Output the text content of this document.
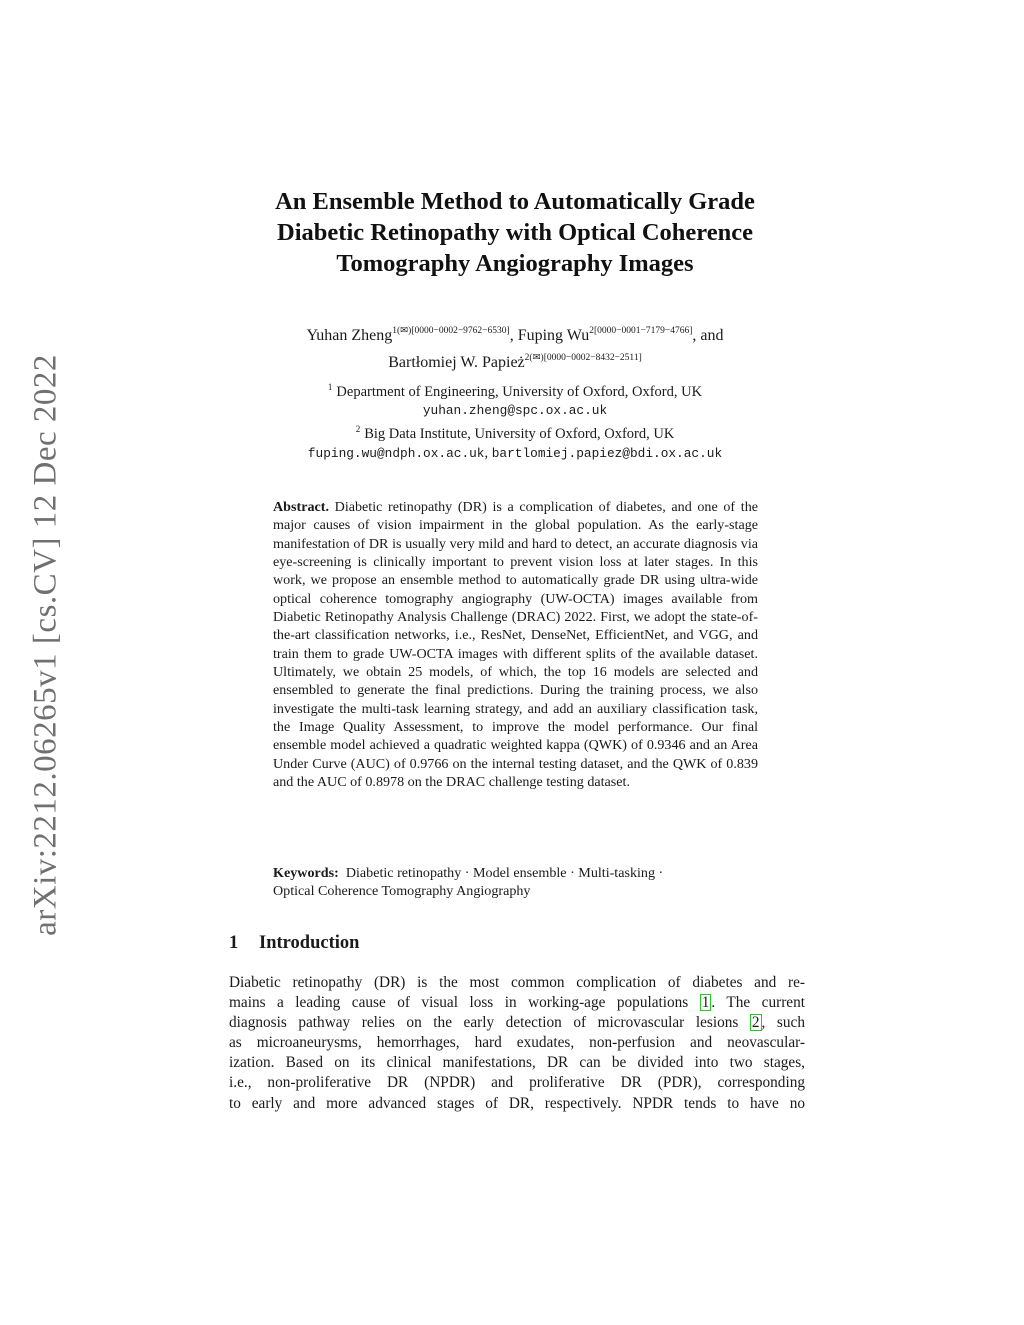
arXiv:2212.06265v1 [cs.CV] 12 Dec 2022
An Ensemble Method to Automatically Grade
Diabetic Retinopathy with Optical Coherence
Tomography Angiography Images
Yuhan Zheng$^{1(✉)[0000-0002-9762-6530]}$, Fuping $Wu^{2[0000-0001-7179-4766]}$, and
Bartłomiej W. Papież$^{2(✉)[0000-0002-8432-2511]}$
$^1$ Department of Engineering, University of Oxford, Oxford, UK
yuhan.zheng@spc.ox.ac.uk
$^2$ Big Data Institute, University of Oxford, Oxford, UK
fuping.wu@ndph.ox.ac.uk, bartlomiej.papiez@bdi.ox.ac.uk
Abstract. Diabetic retinopathy (DR) is a complication of diabetes, and one of the major causes of vision impairment in the global population. As the early-stage manifestation of DR is usually very mild and hard to detect, an accurate diagnosis via eye-screening is clinically important to prevent vision loss at later stages. In this work, we propose an ensemble method to automatically grade DR using ultra-wide optical coherence tomography angiography (UW-OCTA) images available from Diabetic Retinopathy Analysis Challenge (DRAC) 2022. First, we adopt the state-of-the-art classification networks, i.e., ResNet, DenseNet, EfficientNet, and VGG, and train them to grade UW-OCTA images with different splits of the available dataset. Ultimately, we obtain 25 models, of which, the top 16 models are selected and ensembled to generate the final predictions. During the training process, we also investigate the multi-task learning strategy, and add an auxiliary classification task, the Image Quality Assessment, to improve the model performance. Our final ensemble model achieved a quadratic weighted kappa (QWK) of 0.9346 and an Area Under Curve (AUC) of 0.9766 on the internal testing dataset, and the QWK of 0.839 and the AUC of 0.8978 on the DRAC challenge testing dataset.
Keywords: Diabetic retinopathy · Model ensemble · Multi-tasking ·
Optical Coherence Tomography Angiography
1 Introduction
Diabetic retinopathy (DR) is the most common complication of diabetes and re-
mains a leading cause of visual loss in working-age populations 1 . The current
diagnosis pathway relies on the early detection of microvascular lesions 2 , such
as microaneurysms, hemorrhages, hard exudates, non-perfusion and neovascular-
ization. Based on its clinical manifestations, DR can be divided into two stages,
i.e., non-proliferative DR (NPDR) and proliferative DR (PDR), corresponding
to early and more advanced stages of DR, respectively. NPDR tends to have no
